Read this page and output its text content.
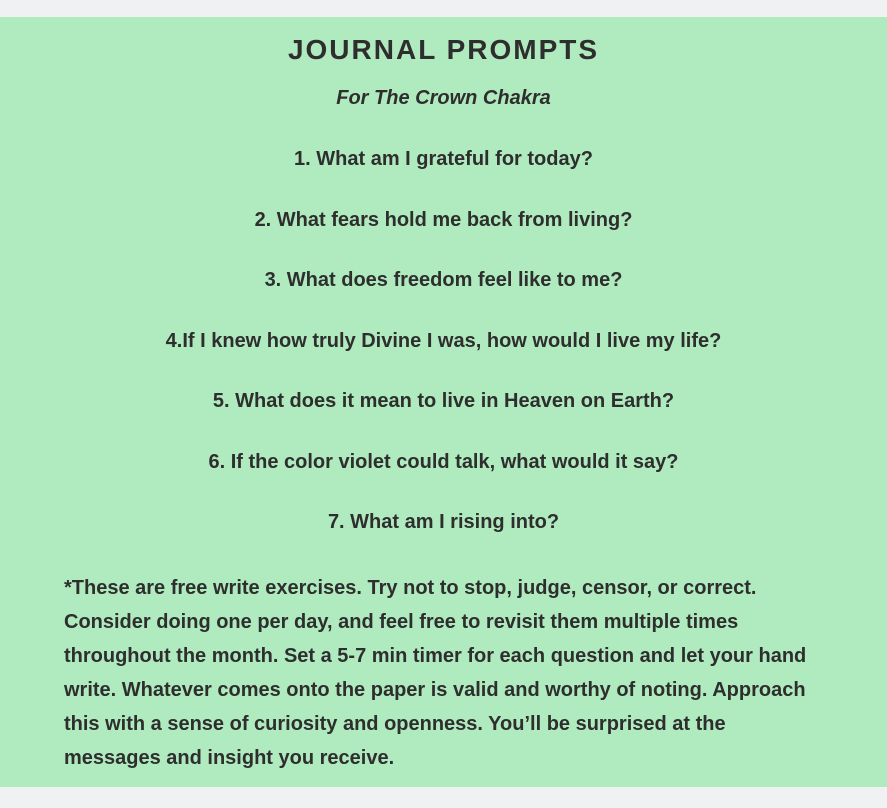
JOURNAL PROMPTS

For The Crown Chakra

1. What am I grateful for today?

2. What fears hold me back from living?

3. What does freedom feel like to me?

4.If I knew how truly Divine I was, how would I live my life?

5. What does it mean to live in Heaven on Earth?

6. If the color violet could talk, what would it say?

7. What am I rising into?

*These are free write exercises. Try not to stop, judge, censor, or correct. Consider doing one per day, and feel free to revisit them multiple times throughout the month. Set a 5-7 min timer for each question and let your hand write. Whatever comes onto the paper is valid and worthy of noting. Approach this with a sense of curiosity and openness. You’ll be surprised at the messages and insight you receive.
